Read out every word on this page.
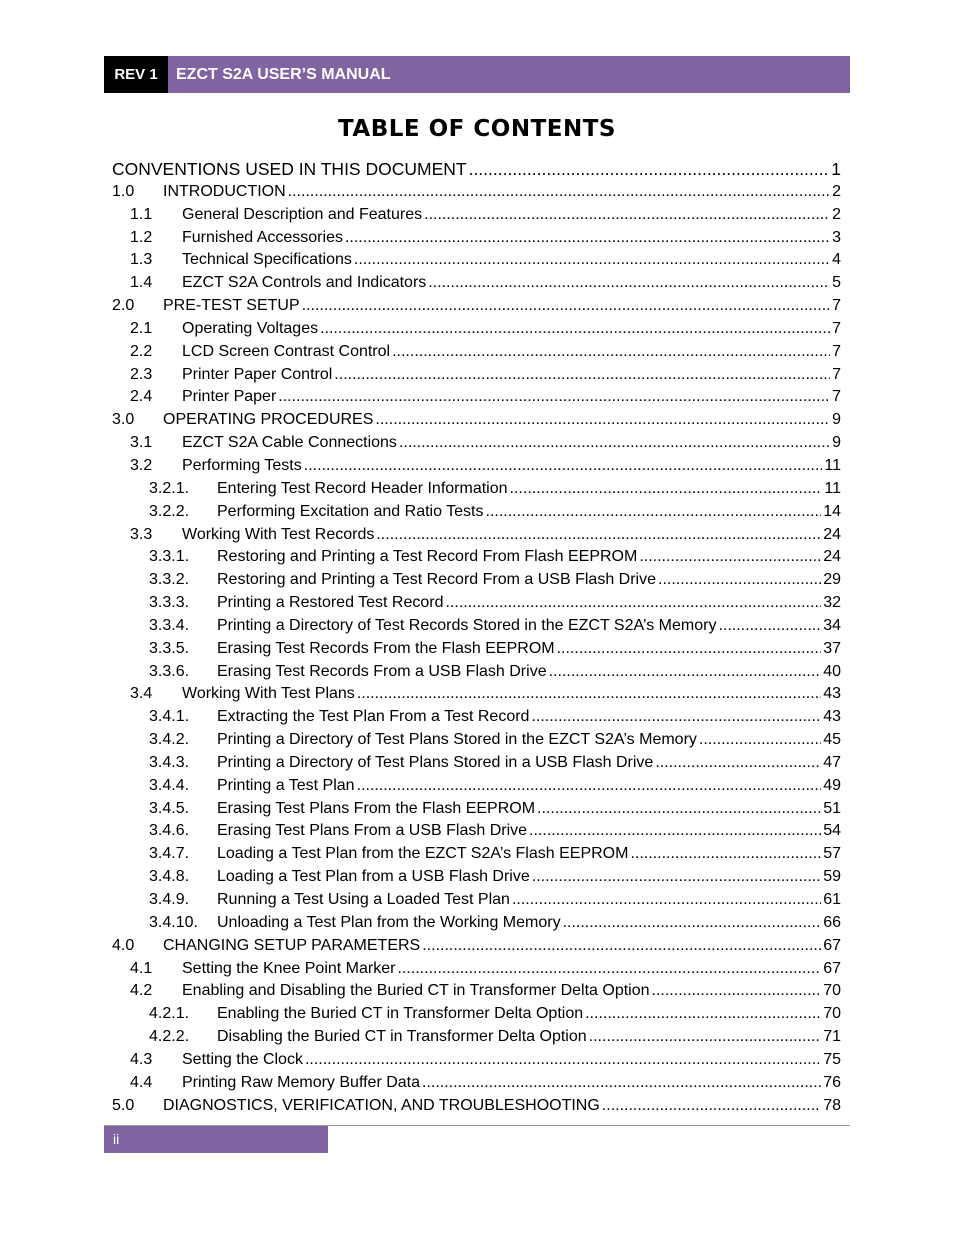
REV 1	EZCT S2A USER’S MANUAL
TABLE OF CONTENTS
CONVENTIONS USED IN THIS DOCUMENT .....	1
1.0 INTRODUCTION .....	2
1.1 General Description and Features .....	2
1.2 Furnished Accessories .....	3
1.3 Technical Specifications .....	4
1.4 EZCT S2A Controls and Indicators .....	5
2.0 PRE-TEST SETUP .....	7
2.1 Operating Voltages .....	7
2.2 LCD Screen Contrast Control .....	7
2.3 Printer Paper Control .....	7
2.4 Printer Paper .....	7
3.0 OPERATING PROCEDURES .....	9
3.1 EZCT S2A Cable Connections .....	9
3.2 Performing Tests .....	11
3.2.1. Entering Test Record Header Information .....	11
3.2.2. Performing Excitation and Ratio Tests .....	14
3.3 Working With Test Records .....	24
3.3.1. Restoring and Printing a Test Record From Flash EEPROM .....	24
3.3.2. Restoring and Printing a Test Record From a USB Flash Drive .....	29
3.3.3. Printing a Restored Test Record .....	32
3.3.4. Printing a Directory of Test Records Stored in the EZCT S2A’s Memory .....	34
3.3.5. Erasing Test Records From the Flash EEPROM .....	37
3.3.6. Erasing Test Records From a USB Flash Drive .....	40
3.4 Working With Test Plans .....	43
3.4.1. Extracting the Test Plan From a Test Record .....	43
3.4.2. Printing a Directory of Test Plans Stored in the EZCT S2A’s Memory .....	45
3.4.3. Printing a Directory of Test Plans Stored in a USB Flash Drive .....	47
3.4.4. Printing a Test Plan .....	49
3.4.5. Erasing Test Plans From the Flash EEPROM .....	51
3.4.6. Erasing Test Plans From a USB Flash Drive .....	54
3.4.7. Loading a Test Plan from the EZCT S2A’s Flash EEPROM .....	57
3.4.8. Loading a Test Plan from a USB Flash Drive .....	59
3.4.9. Running a Test Using a Loaded Test Plan .....	61
3.4.10. Unloading a Test Plan from the Working Memory .....	66
4.0 CHANGING SETUP PARAMETERS .....	67
4.1 Setting the Knee Point Marker .....	67
4.2 Enabling and Disabling the Buried CT in Transformer Delta Option .....	70
4.2.1. Enabling the Buried CT in Transformer Delta Option .....	70
4.2.2. Disabling the Buried CT in Transformer Delta Option .....	71
4.3 Setting the Clock .....	75
4.4 Printing Raw Memory Buffer Data .....	76
5.0 DIAGNOSTICS, VERIFICATION, AND TROUBLESHOOTING .....	78
ii
